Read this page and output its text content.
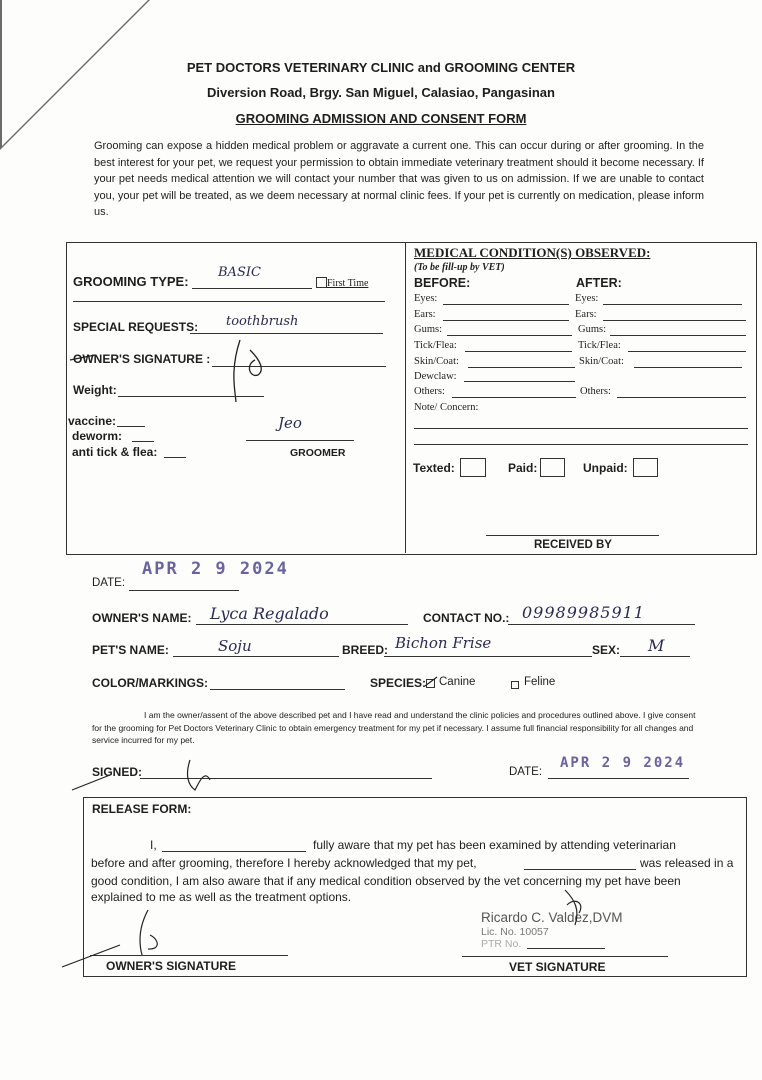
PET DOCTORS VETERINARY CLINIC and GROOMING CENTER
Diversion Road, Brgy. San Miguel, Calasiao, Pangasinan
GROOMING ADMISSION AND CONSENT FORM
Grooming can expose a hidden medical problem or aggravate a current one. This can occur during or after grooming. In the best interest for your pet, we request your permission to obtain immediate veterinary treatment should it become necessary. If your pet needs medical attention we will contact your number that was given to us on admission. If we are unable to contact you, your pet will be treated, as we deem necessary at normal clinic fees. If your pet is currently on medication, please inform us.
GROOMING TYPE:
BASIC
First Time
SPECIAL REQUESTS: toothbrush
OWNER'S SIGNATURE :
Weight:
vaccine:
deworm:
anti tick & flea:
Jeo
GROOMER
MEDICAL CONDITION(S) OBSERVED:
(To be fill-up by VET)
BEFORE:	AFTER:
Eyes:	Eyes:
Ears:	Ears:
Gums:	Gums:
Tick/Flea:	Tick/Flea:
Skin/Coat:	Skin/Coat:
Dewclaw:
Others:	Others:
Note/ Concern:
Texted:	Paid:	Unpaid:
RECEIVED BY
DATE:
APR 2 9 2024
OWNER'S NAME: Lyca Regalado	CONTACT NO.: 09989985911
PET'S NAME:	Soju	BREED: Bichon Frise	SEX: M
COLOR/MARKINGS:	SPECIES: Canine	Feline
I am the owner/assent of the above described pet and I have read and understand the clinic policies and procedures outlined above. I give consent for the grooming for Pet Doctors Veterinary Clinic to obtain emergency treatment for my pet if necessary. I assume full financial responsibility for all changes and service incurred for my pet.
SIGNED:	DATE:
APR 2 9 2024
RELEASE FORM:
I,	fully aware that my pet has been examined by attending veterinarian
before and after grooming, therefore I hereby acknowledged that my pet,	was released in a
good condition, I am also aware that if any medical condition observed by the vet concerning my pet have been
explained to me as well as the treatment options.
Ricardo C. Valdez,DVM
Lic. No. 10057
PTR No.
OWNER'S SIGNATURE	VET SIGNATURE
